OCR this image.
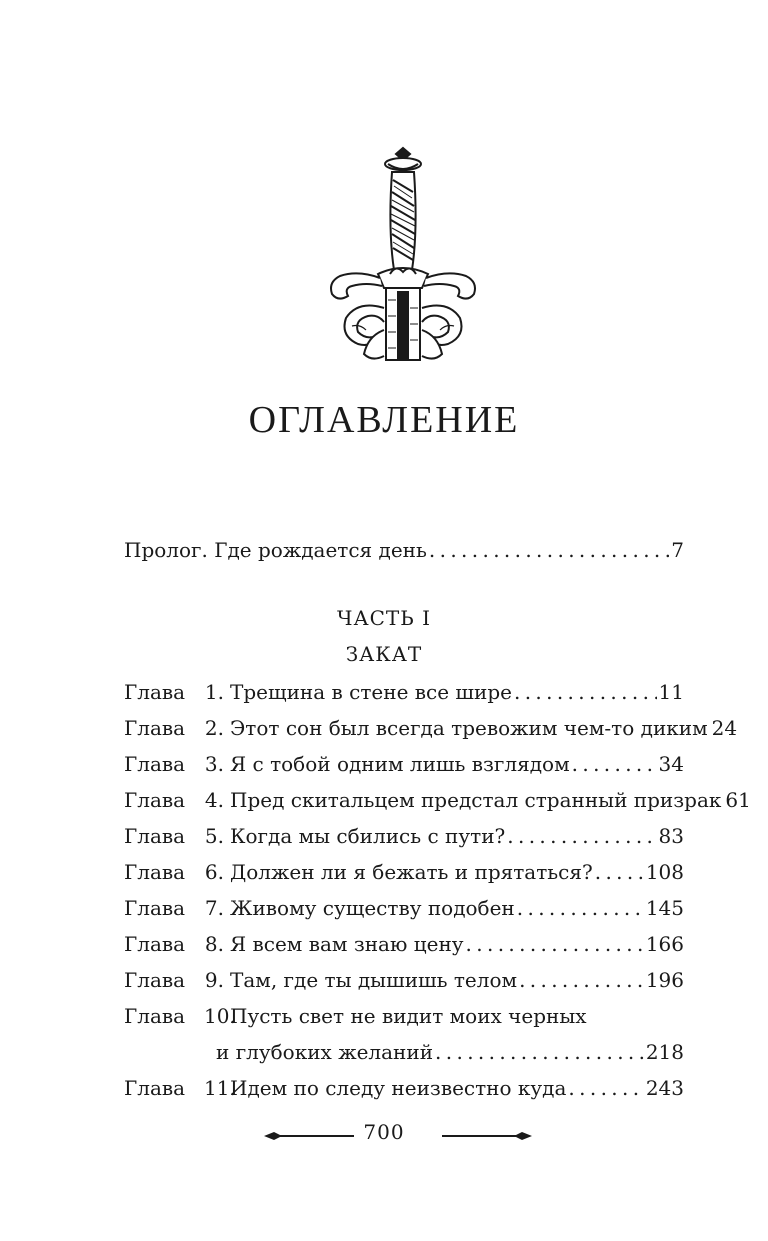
ОГЛАВЛЕНИЕ
Пролог. Где рождается день . . .	7
ЧАСТЬ I
ЗАКАТ
Глава 1. Трещина в стене все шире . . .	11
Глава 2. Этот сон был всегда тревожим чем-то диким 24
Глава 3. Я с тобой одним лишь взглядом . . .	34
Глава 4. Пред скитальцем предстал странный призрак 61
Глава 5. Когда мы сбились с пути? . . .	83
Глава 6. Должен ли я бежать и прятаться? . . .	108
Глава 7. Живому существу подобен . . .	145
Глава 8. Я всем вам знаю цену . . .	166
Глава 9. Там, где ты дышишь телом . . .	196
Глава 10.Пусть свет не видит моих черных
и глубоких желаний . . .	218
Глава 11.Идем по следу неизвестно куда . . .	243
700
